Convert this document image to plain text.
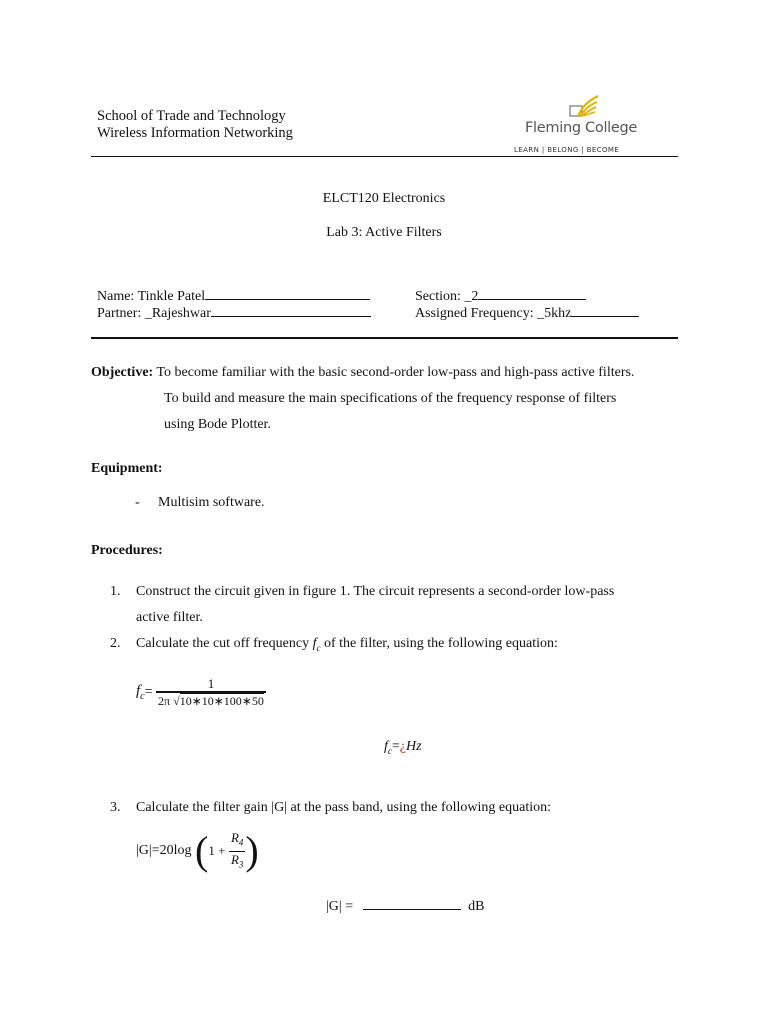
School of Trade and Technology
Wireless Information Networking	Fleming College
LEARN | BELONG | BECOME
ELCT120 Electronics
Lab 3: Active Filters
Name: Tinkle Patel
Partner: _Rajeshwar
Section: _2
Assigned Frequency: _5khz
Objective: To become familiar with the basic second-order low-pass and high-pass active filters.
To build and measure the main specifications of the frequency response of filters
using Bode Plotter.
Equipment:
- Multisim software.
Procedures:
1.	Construct the circuit given in figure 1. The circuit represents a second-order low-pass
active filter.
2.	Calculate the cut off frequency $f_c$ of the filter, using the following equation:
$f_c= \frac{1}{2\pi √10∗10∗100∗50}$
$f_c=¿Hz$
3.	Calculate the filter gain |G| at the pass band, using the following equation:
|G|=20log ($1 + \frac{R_4}{R_3}$ )
|G| =	dB
